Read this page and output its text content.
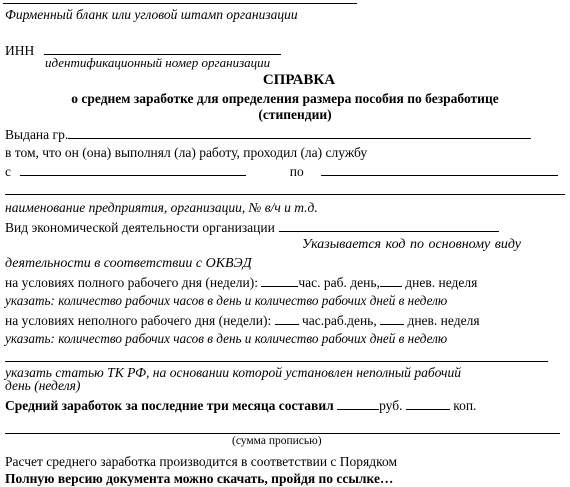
Фирменный бланк или угловой штамп организации
ИНН
идентификационный номер организации
СПРАВКА
о среднем заработке для определения размера пособия по безработице
(стипендии)
Выдана гр.
в том, что он (она) выполнял (ла) работу, проходил (ла) службу
с	по
наименование предприятия, организации, № в/ч и т.д.
Вид экономической деятельности организации
Указывается код по основному виду
деятельности в соответствии с ОКВЭД
на условиях полного рабочего дня (недели):	час. раб. день, днев. неделя
указать: количество рабочих часов в день и количество рабочих дней в неделю
на условиях неполного рабочего дня (недели):  час.раб.день,  днев. неделя
указать: количество рабочих часов в день и количество рабочих дней в неделю
указать статью ТК РФ, на основании которой установлен неполный рабочий
день (неделя)
Средний заработок за последние три месяца составил	руб.	коп.
(сумма прописью)
Расчет среднего заработка производится в соответствии с Порядком
Полную версию документа можно скачать, пройдя по ссылке…
